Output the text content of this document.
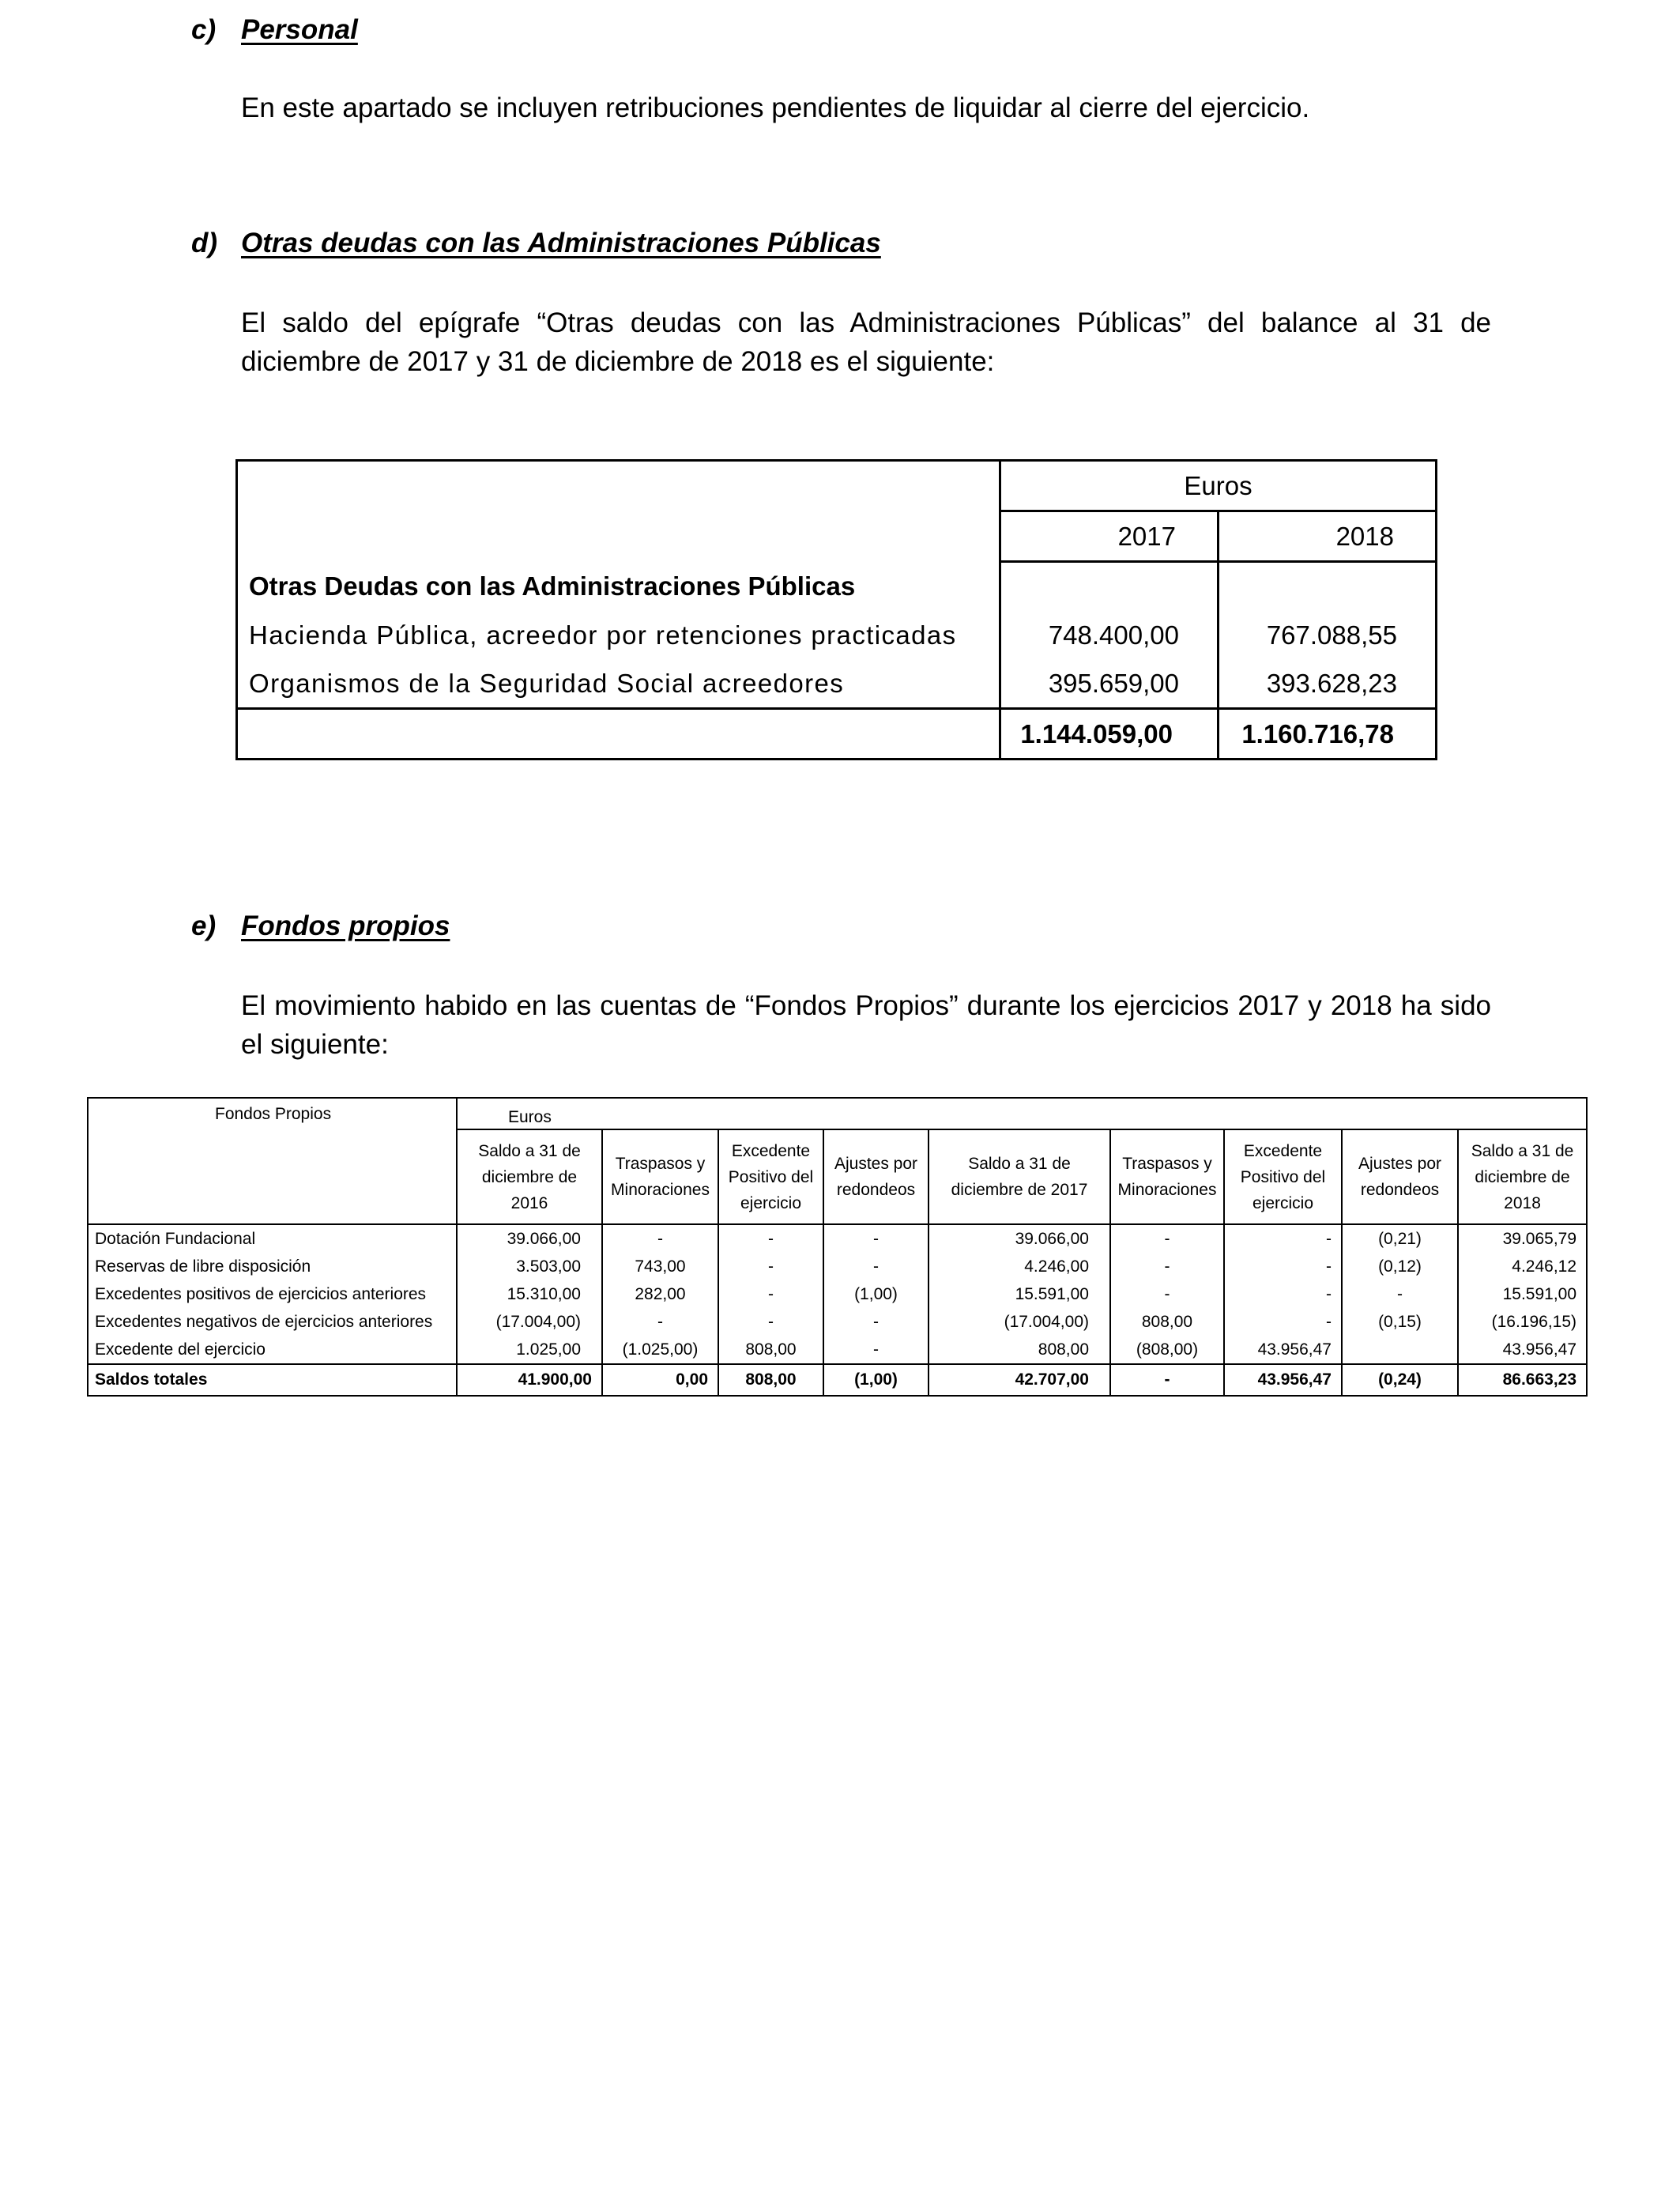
c) Personal
En este apartado se incluyen retribuciones pendientes de liquidar al cierre del ejercicio.
d) Otras deudas con las Administraciones Públicas
El saldo del epígrafe “Otras deudas con las Administraciones Públicas” del balance al 31 de diciembre de 2017 y 31 de diciembre de 2018 es el siguiente:
	Euros	
	2017	2018
Otras Deudas con las Administraciones Públicas		
Hacienda Pública, acreedor por retenciones practicadas	748.400,00	767.088,55
Organismos de la Seguridad Social acreedores	395.659,00	393.628,23
	1.144.059,00	1.160.716,78
e) Fondos propios
El movimiento habido en las cuentas de “Fondos Propios” durante los ejercicios 2017 y 2018 ha sido el siguiente:
Fondos Propios	Euros								
	Saldo a 31 de diciembre de 2016	Traspasos y Minoraciones	Excedente Positivo del ejercicio	Ajustes por redondeos	Saldo a 31 de diciembre de 2017	Traspasos y Minoraciones	Excedente Positivo del ejercicio	Ajustes por redondeos	Saldo a 31 de diciembre de 2018
Dotación Fundacional	39.066,00	-	-	-	39.066,00	-	-	(0,21)	39.065,79
Reservas de libre disposición	3.503,00	743,00	-	-	4.246,00	-	-	(0,12)	4.246,12
Excedentes positivos de ejercicios anteriores	15.310,00	282,00	-	(1,00)	15.591,00	-	-	-	15.591,00
Excedentes negativos de ejercicios anteriores	(17.004,00)	-	-	-	(17.004,00)	808,00	-	(0,15)	(16.196,15)
Excedente del ejercicio	1.025,00	(1.025,00)	808,00	-	808,00	(808,00)	43.956,47		43.956,47
Saldos totales	41.900,00	0,00	808,00	(1,00)	42.707,00	-	43.956,47	(0,24)	86.663,23
